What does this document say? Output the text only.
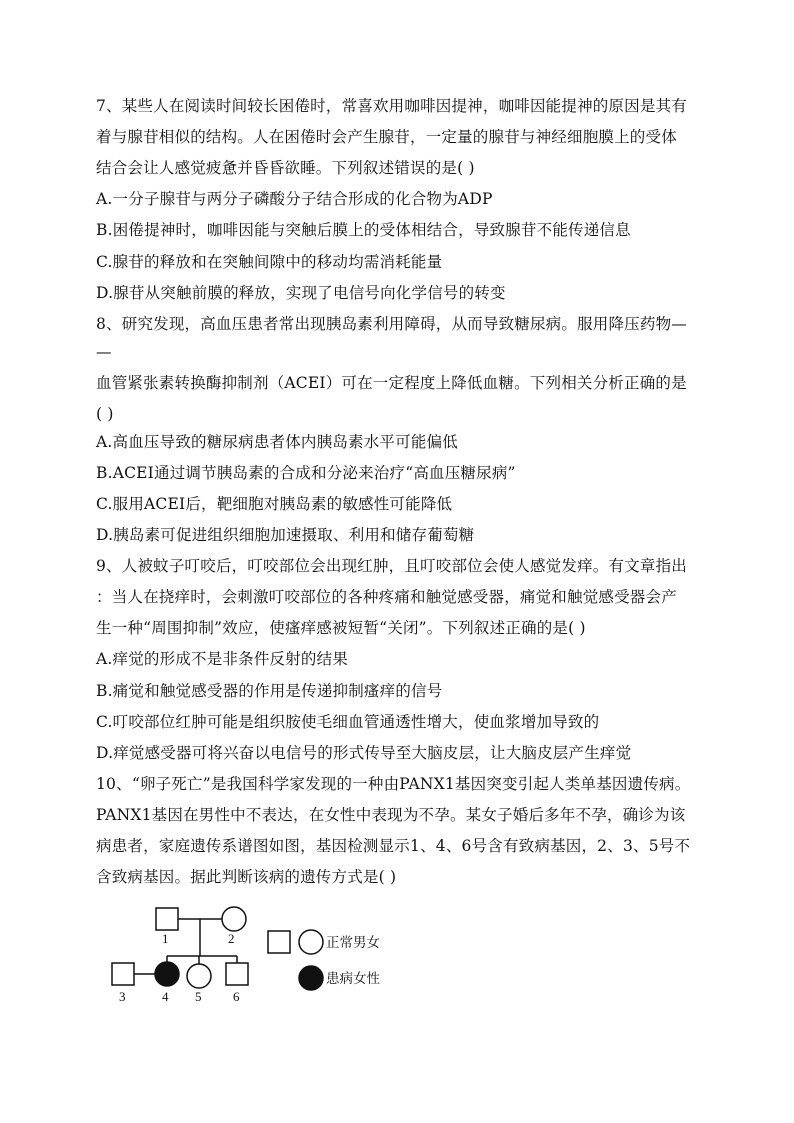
7、某些人在阅读时间较长困倦时，常喜欢用咖啡因提神，咖啡因能提神的原因是其有
着与腺苷相似的结构。人在困倦时会产生腺苷，一定量的腺苷与神经细胞膜上的受体
结合会让人感觉疲惫并昏昏欲睡。下列叙述错误的是( )
A.一分子腺苷与两分子磷酸分子结合形成的化合物为ADP
B.困倦提神时，咖啡因能与突触后膜上的受体相结合，导致腺苷不能传递信息
C.腺苷的释放和在突触间隙中的移动均需消耗能量
D.腺苷从突触前膜的释放，实现了电信号向化学信号的转变
8、研究发现，高血压患者常出现胰岛素利用障碍，从而导致糖尿病。服用降压药物—
—
血管紧张素转换酶抑制剂（ACEI）可在一定程度上降低血糖。下列相关分析正确的是
( )
A.高血压导致的糖尿病患者体内胰岛素水平可能偏低
B.ACEI通过调节胰岛素的合成和分泌来治疗“高血压糖尿病”
C.服用ACEI后，靶细胞对胰岛素的敏感性可能降低
D.胰岛素可促进组织细胞加速摄取、利用和储存葡萄糖
9、人被蚊子叮咬后，叮咬部位会出现红肿，且叮咬部位会使人感觉发痒。有文章指出
：当人在挠痒时，会刺激叮咬部位的各种疼痛和触觉感受器，痛觉和触觉感受器会产
生一种“周围抑制”效应，使瘙痒感被短暂“关闭”。下列叙述正确的是( )
A.痒觉的形成不是非条件反射的结果
B.痛觉和触觉感受器的作用是传递抑制瘙痒的信号
C.叮咬部位红肿可能是组织胺使毛细血管通透性增大，使血浆增加导致的
D.痒觉感受器可将兴奋以电信号的形式传导至大脑皮层，让大脑皮层产生痒觉
10、“卵子死亡”是我国科学家发现的一种由PANX1基因突变引起人类单基因遗传病。
PANX1基因在男性中不表达，在女性中表现为不孕。某女子婚后多年不孕，确诊为该
病患者，家庭遗传系谱图如图，基因检测显示1、4、6号含有致病基因，2、3、5号不
含致病基因。据此判断该病的遗传方式是( )
1	2
3	4 5 6
正常男女
患病女性
